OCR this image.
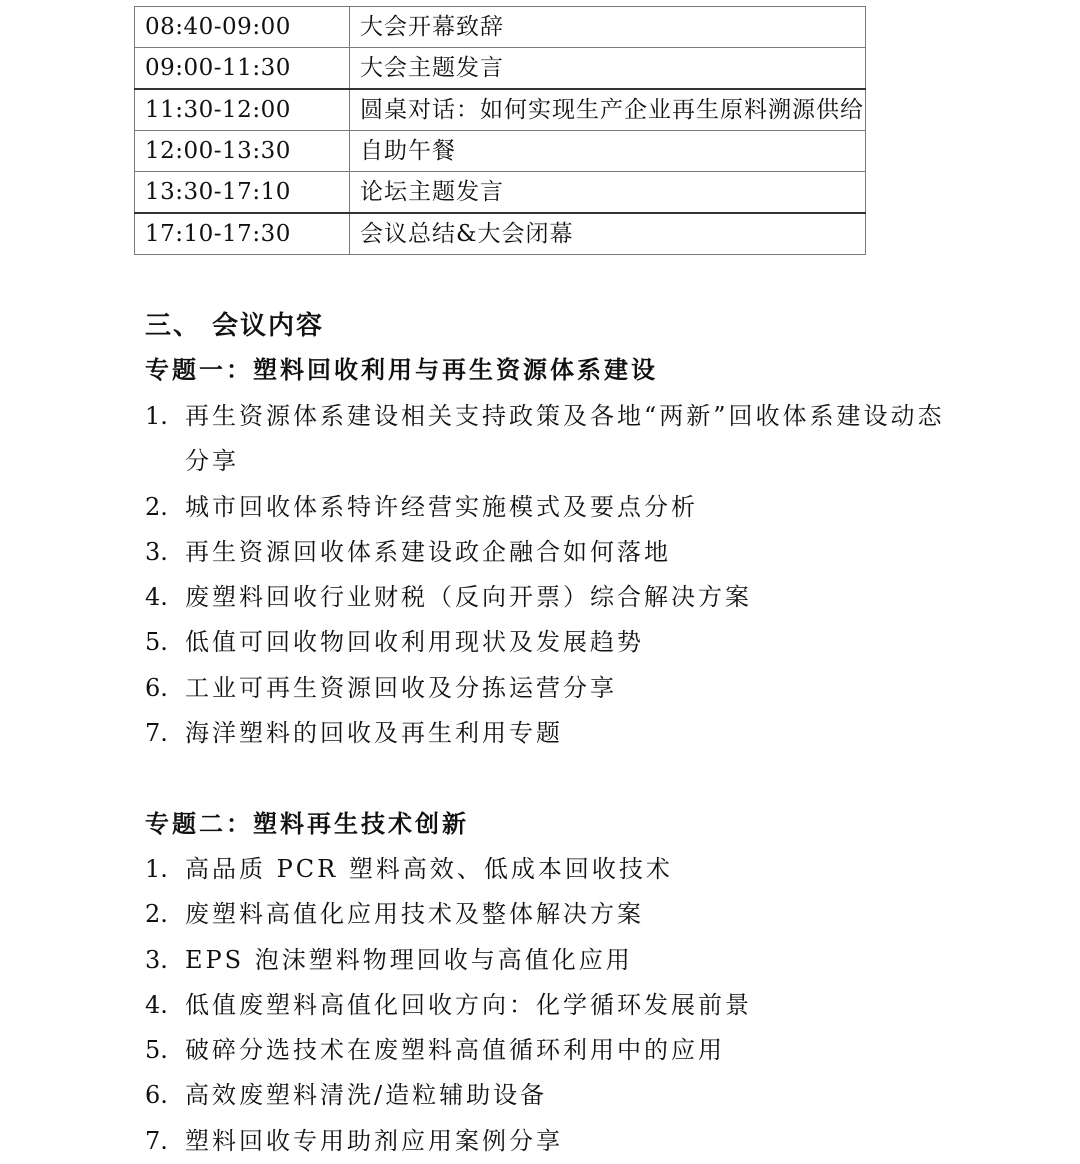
08:40-09:00	大会开幕致辞
09:00-11:30	大会主题发言
11:30-12:00	圆桌对话：如何实现生产企业再生原料溯源供给
12:00-13:30	自助午餐
13:30-17:10	论坛主题发言
17:10-17:30	会议总结&大会闭幕
三、 会议内容
专题一：塑料回收利用与再生资源体系建设
1. 再生资源体系建设相关支持政策及各地“两新”回收体系建设动态分享
2. 城市回收体系特许经营实施模式及要点分析
3. 再生资源回收体系建设政企融合如何落地
4. 废塑料回收行业财税（反向开票）综合解决方案
5. 低值可回收物回收利用现状及发展趋势
6. 工业可再生资源回收及分拣运营分享
7. 海洋塑料的回收及再生利用专题
专题二：塑料再生技术创新
1. 高品质 PCR 塑料高效、低成本回收技术
2. 废塑料高值化应用技术及整体解决方案
3. EPS 泡沫塑料物理回收与高值化应用
4. 低值废塑料高值化回收方向：化学循环发展前景
5. 破碎分选技术在废塑料高值循环利用中的应用
6. 高效废塑料清洗/造粒辅助设备
7. 塑料回收专用助剂应用案例分享
